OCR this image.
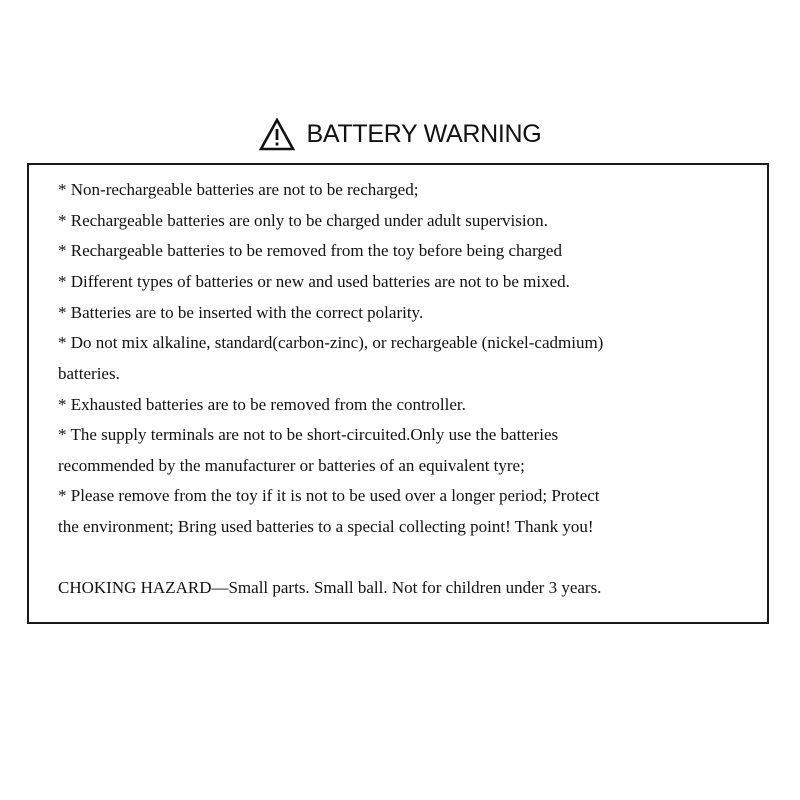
BATTERY WARNING
* Non-rechargeable batteries are not to be recharged;
* Rechargeable batteries are only to be charged under adult supervision.
* Rechargeable batteries to be removed from the toy before being charged
* Different types of batteries or new and used batteries are not to be mixed.
* Batteries are to be inserted with the correct polarity.
* Do not mix alkaline, standard(carbon-zinc), or rechargeable (nickel-cadmium)
batteries.
* Exhausted batteries are to be removed from the controller.
* The supply terminals are not to be short-circuited.Only use the batteries
recommended by the manufacturer or batteries of an equivalent tyre;
* Please remove from the toy if it is not to be used over a longer period; Protect
the environment; Bring used batteries to a special collecting point! Thank you!
CHOKING HAZARD—Small parts. Small ball. Not for children under 3 years.
